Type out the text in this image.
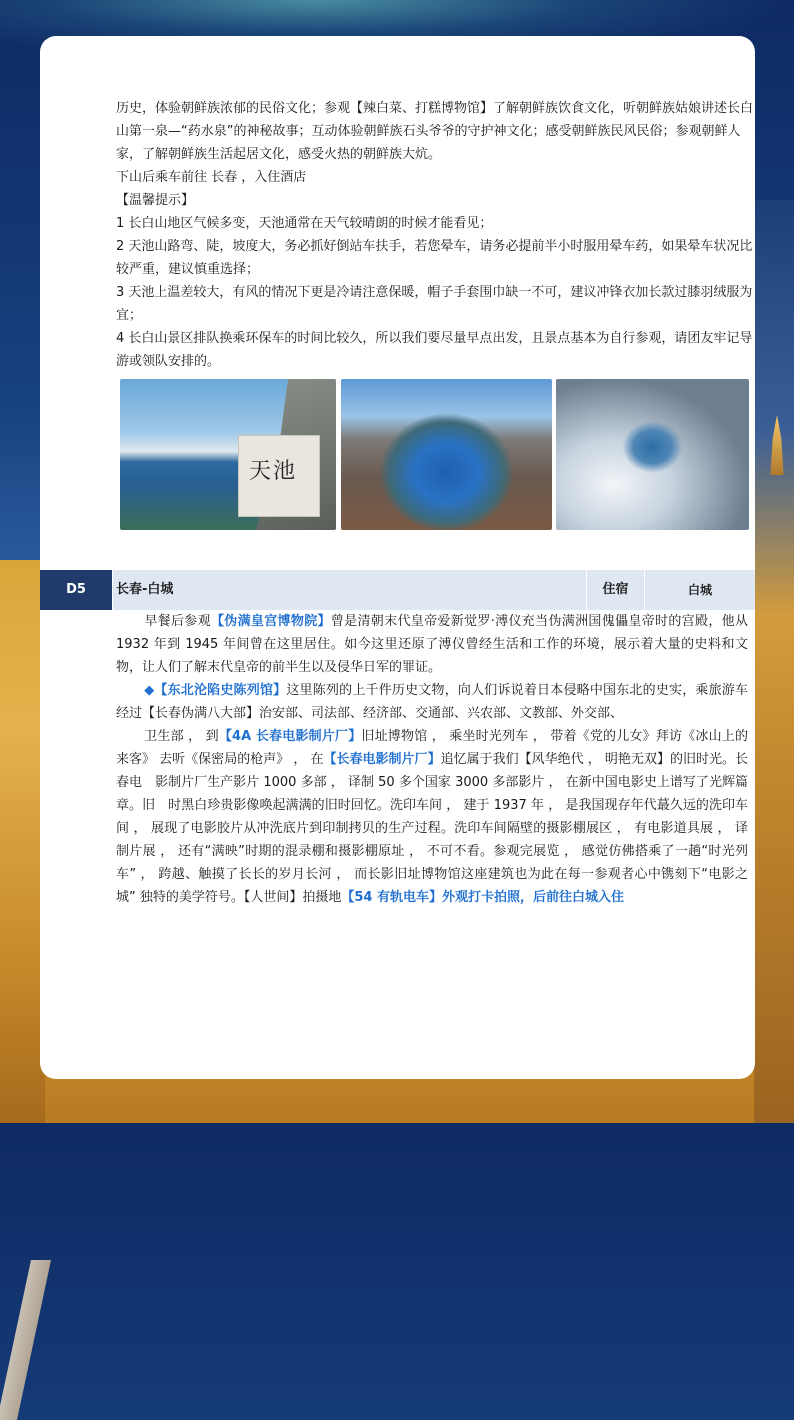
历史，体验朝鲜族浓郁的民俗文化；参观【辣白菜、打糕博物馆】了解朝鲜族饮食文化，听朝鲜族姑娘讲述长白山第一泉—“药水泉”的神秘故事；互动体验朝鲜族石头爷爷的守护神文化；感受朝鲜族民风民俗；参观朝鲜人家，了解朝鲜族生活起居文化，感受火热的朝鲜族大炕。
下山后乘车前往 长春 ，入住酒店
【温馨提示】
1 长白山地区气候多变，天池通常在天气较晴朗的时候才能看见；
2 天池山路弯、陡，坡度大，务必抓好倒站车扶手，若您晕车，请务必提前半小时服用晕车药，如果晕车状况比较严重，建议慎重选择；
3 天池上温差较大，有风的情况下更是冷请注意保暖，帽子手套围巾缺一不可，建议冲锋衣加长款过膝羽绒服为宜；
4 长白山景区排队换乘环保车的时间比较久，所以我们要尽量早点出发，且景点基本为自行参观，请团友牢记导游或领队安排的。
天池
D5	长春-白城	住宿	白城
早餐后参观【伪满皇宫博物院】曾是清朝末代皇帝爱新觉罗·溥仪充当伪满洲国傀儡皇帝时的宫殿，他从 1932 年到 1945 年间曾在这里居住。如今这里还原了溥仪曾经生活和工作的环境，展示着大量的史料和文物，让人们了解末代皇帝的前半生以及侵华日军的罪证。
◆【东北沦陷史陈列馆】这里陈列的上千件历史文物，向人们诉说着日本侵略中国东北的史实，乘旅游车经过【长春伪满八大部】治安部、司法部、经济部、交通部、兴农部、文教部、外交部、
卫生部 ， 到【4A 长春电影制片厂】旧址博物馆 ， 乘坐时光列车 ， 带着《党的儿女》拜访《冰山上的来客》 去听《保密局的枪声》 ， 在【长春电影制片厂】追忆属于我们【风华绝代 ， 明艳无双】的旧时光。长春电　影制片厂生产影片 1000 多部 ， 译制 50 多个国家 3000 多部影片 ， 在新中国电影史上谱写了光辉篇章。旧　时黑白珍贵影像唤起满满的旧时回忆。洗印车间 ， 建于 1937 年 ， 是我国现存年代蕞久远的洗印车间 ， 展现了电影胶片从冲洗底片到印制拷贝的生产过程。洗印车间隔壁的摄影棚展区 ， 有电影道具展 ， 译制片展 ， 还有“满映”时期的混录棚和摄影棚原址 ， 不可不看。参观完展览 ， 感觉仿佛搭乘了一趟“时光列车” ， 跨越、触摸了长长的岁月长河 ， 而长影旧址博物馆这座建筑也为此在每一参观者心中镌刻下“电影之城” 独特的美学符号。【人世间】拍摄地【54 有轨电车】外观打卡拍照，后前往白城入住
